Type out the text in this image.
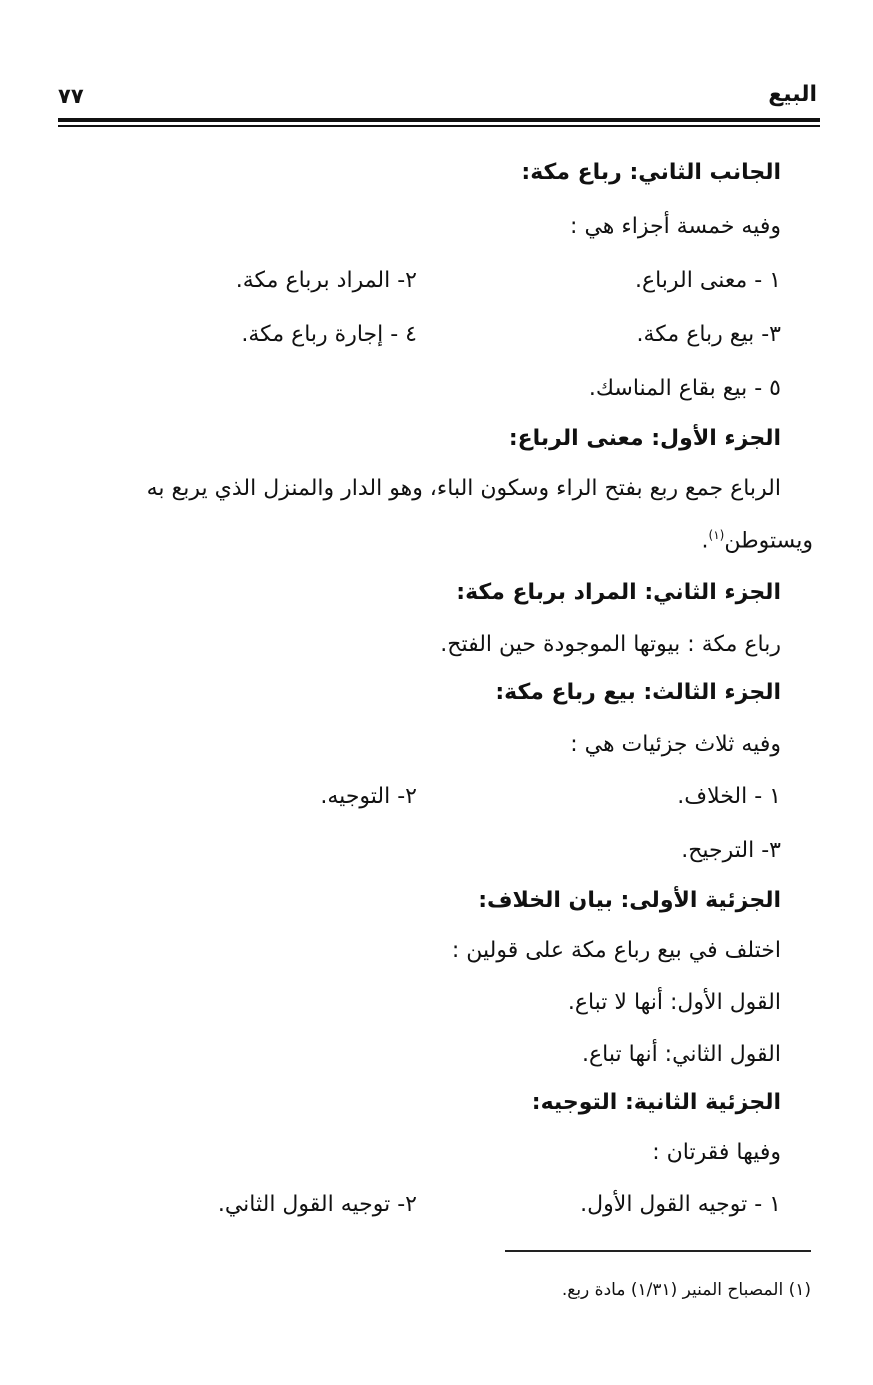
البيع
٧٧
الجانب الثاني: رباع مكة:
وفيه خمسة أجزاء هي :
١ - معنى الرباع.
٢- المراد برباع مكة.
٣- بيع رباع مكة.
٤ - إجارة رباع مكة.
٥ - بيع بقاع المناسك.
الجزء الأول: معنى الرباع:
الرباع جمع ربع بفتح الراء وسكون الباء، وهو الدار والمنزل الذي يربع به
ويستوطن$^{(١)}$.
الجزء الثاني: المراد برباع مكة:
رباع مكة : بيوتها الموجودة حين الفتح.
الجزء الثالث: بيع رباع مكة:
وفيه ثلاث جزئيات هي :
١ - الخلاف.
٢- التوجيه.
٣- الترجيح.
الجزئية الأولى: بيان الخلاف:
اختلف في بيع رباع مكة على قولين :
القول الأول: أنها لا تباع.
القول الثاني: أنها تباع.
الجزئية الثانية: التوجيه:
وفيها فقرتان :
١ - توجيه القول الأول.
٢- توجيه القول الثاني.
(١) المصباح المنير (١/٣١) مادة ربع.
